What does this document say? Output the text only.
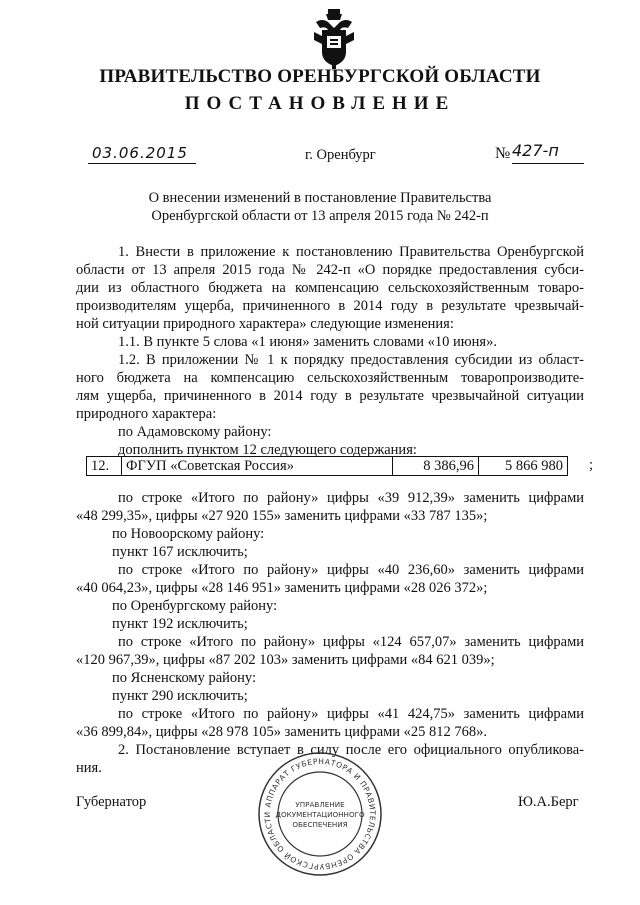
ПРАВИТЕЛЬСТВО ОРЕНБУРГСКОЙ ОБЛАСТИ
ПОСТАНОВЛЕНИЕ
03.06.2015	г. Оренбург	№ 427-п
О внесении изменений в постановление Правительства
Оренбургской области от 13 апреля 2015 года № 242-п
1. Внести в приложение к постановлению Правительства Оренбургской
области от 13 апреля 2015 года № 242-п «О порядке предоставления субси-
дии из областного бюджета на компенсацию сельскохозяйственным товаро-
производителям ущерба, причиненного в 2014 году в результате чрезвычай-
ной ситуации природного характера» следующие изменения:
1.1. В пункте 5 слова «1 июня» заменить словами «10 июня».
1.2. В приложении № 1 к порядку предоставления субсидии из област-
ного бюджета на компенсацию сельскохозяйственным товаропроизводите-
лям ущерба, причиненного в 2014 году в результате чрезвычайной ситуации
природного характера:
по Адамовскому району:
дополнить пунктом 12 следующего содержания:
12.	ФГУП «Советская Россия»	8 386,96	5 866 980 ;
по строке «Итого по району» цифры «39 912,39» заменить цифрами
«48 299,35», цифры «27 920 155» заменить цифрами «33 787 135»;
по Новоорскому району:
пункт 167 исключить;
по строке «Итого по району» цифры «40 236,60» заменить цифрами
«40 064,23», цифры «28 146 951» заменить цифрами «28 026 372»;
по Оренбургскому району:
пункт 192 исключить;
по строке «Итого по району» цифры «124 657,07» заменить цифрами
«120 967,39», цифры «87 202 103» заменить цифрами «84 621 039»;
по Ясненскому району:
пункт 290 исключить;
по строке «Итого по району» цифры «41 424,75» заменить цифрами
«36 899,84», цифры «28 978 105» заменить цифрами «25 812 768».
2. Постановление вступает в силу после его официального опубликова-
ния.
Губернатор	Ю.А.Берг
АППАРАТ ГУБЕРНАТОРА И ПРАВИТЕЛЬСТВА ОРЕНБУРГСКОЙ ОБЛАСТИ
УПРАВЛЕНИЕ
ДОКУМЕНТАЦИОННОГО
ОБЕСПЕЧЕНИЯ
